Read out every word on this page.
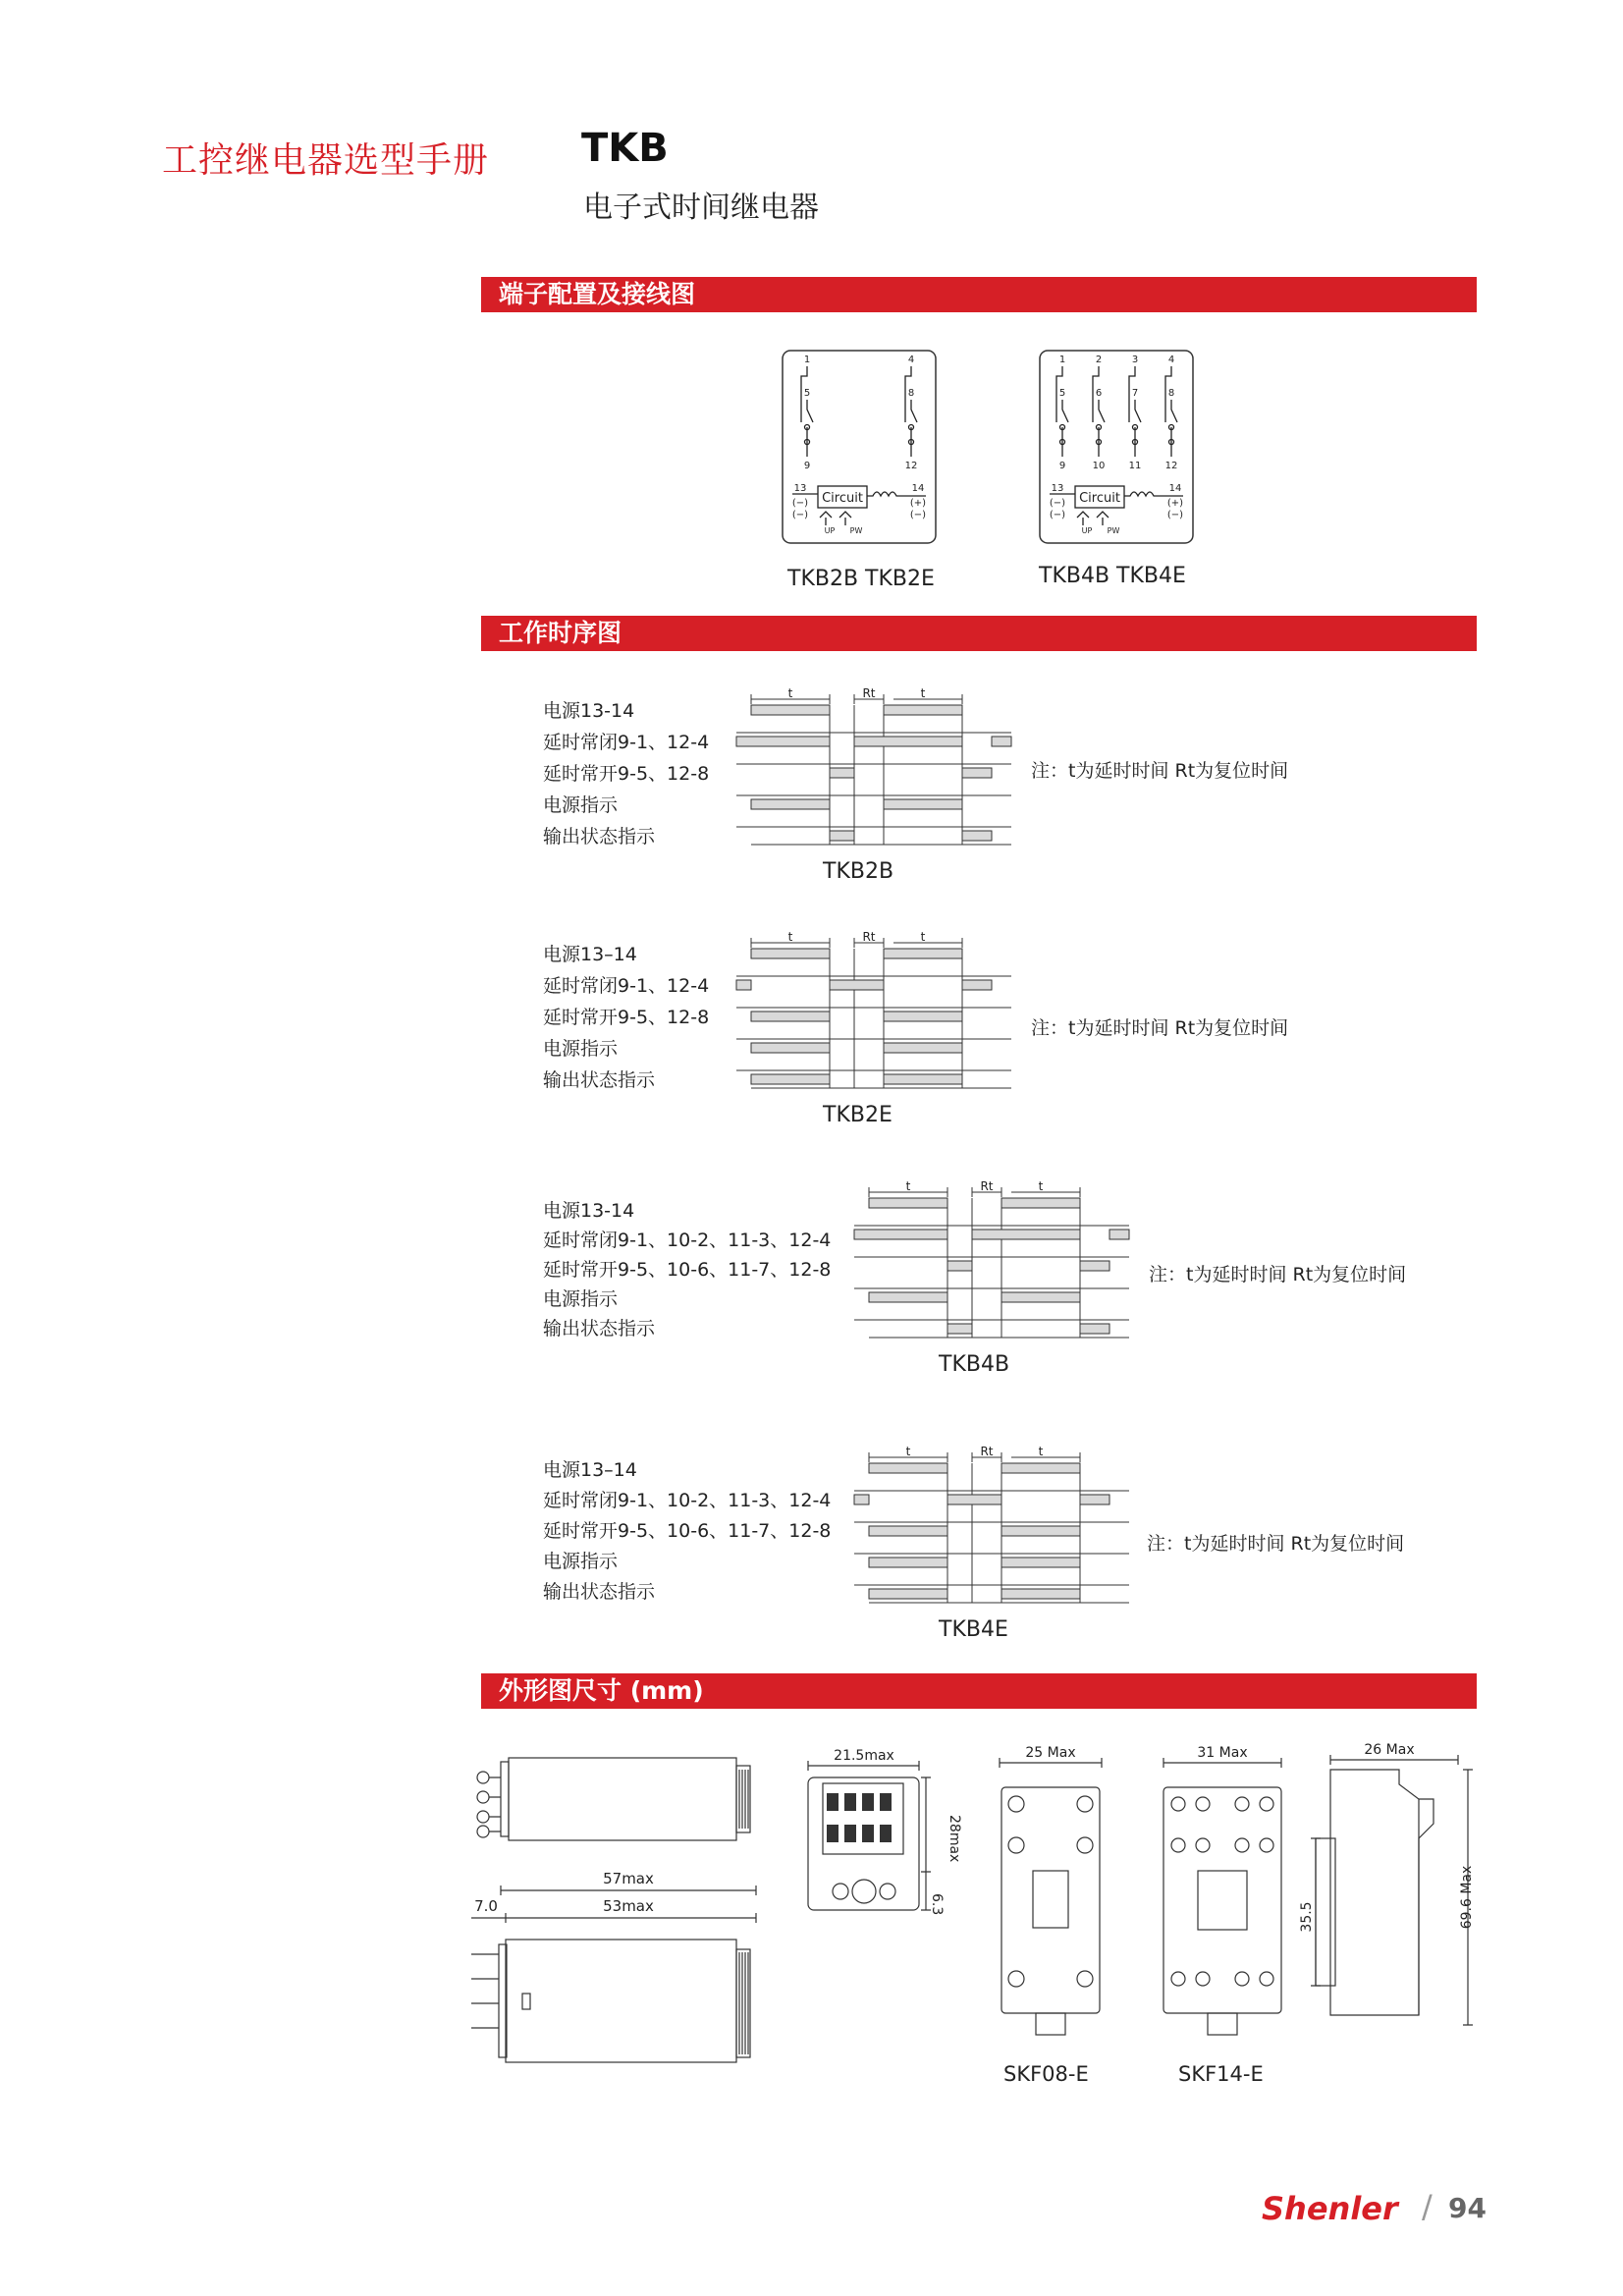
工控继电器选型手册 TKB
电子式时间继电器
端子配置及接线图
工作时序图
外形图尺寸 (mm)
1	4
5	8
9	12
13	14
(−)	(+)
(−)	(−)
UP PW
Circuit
TKB2B TKB2E
1	2	3	4
5	6	7	8
9	10 11 12
13	14
(−)	(+)
(−)	(−)
UP PW
Circuit
TKB4B TKB4E
电源13-14
延时常闭9-1、12-4
延时常开9-5、12-8
电源指示
输出状态指示
t	Rt	t
注：t为延时时间 Rt为复位时间
TKB2B
电源13–14
延时常闭9-1、12-4
延时常开9-5、12-8
电源指示
输出状态指示
t	Rt	t
注：t为延时时间 Rt为复位时间
TKB2E
电源13-14
延时常闭9-1、10-2、11-3、12-4
延时常开9-5、10-6、11-7、12-8
电源指示
输出状态指示
t	Rt	t
注：t为延时时间 Rt为复位时间
TKB4B
电源13–14
延时常闭9-1、10-2、11-3、12-4
延时常开9-5、10-6、11-7、12-8
电源指示
输出状态指示
t	Rt	t
注：t为延时时间 Rt为复位时间
TKB4E
57max
53max
7.0
21.5max
28max
6.3
25 Max
SKF08-E
31 Max
SKF14-E
26 Max
35.5	69.6 Max
Shenler / 94
